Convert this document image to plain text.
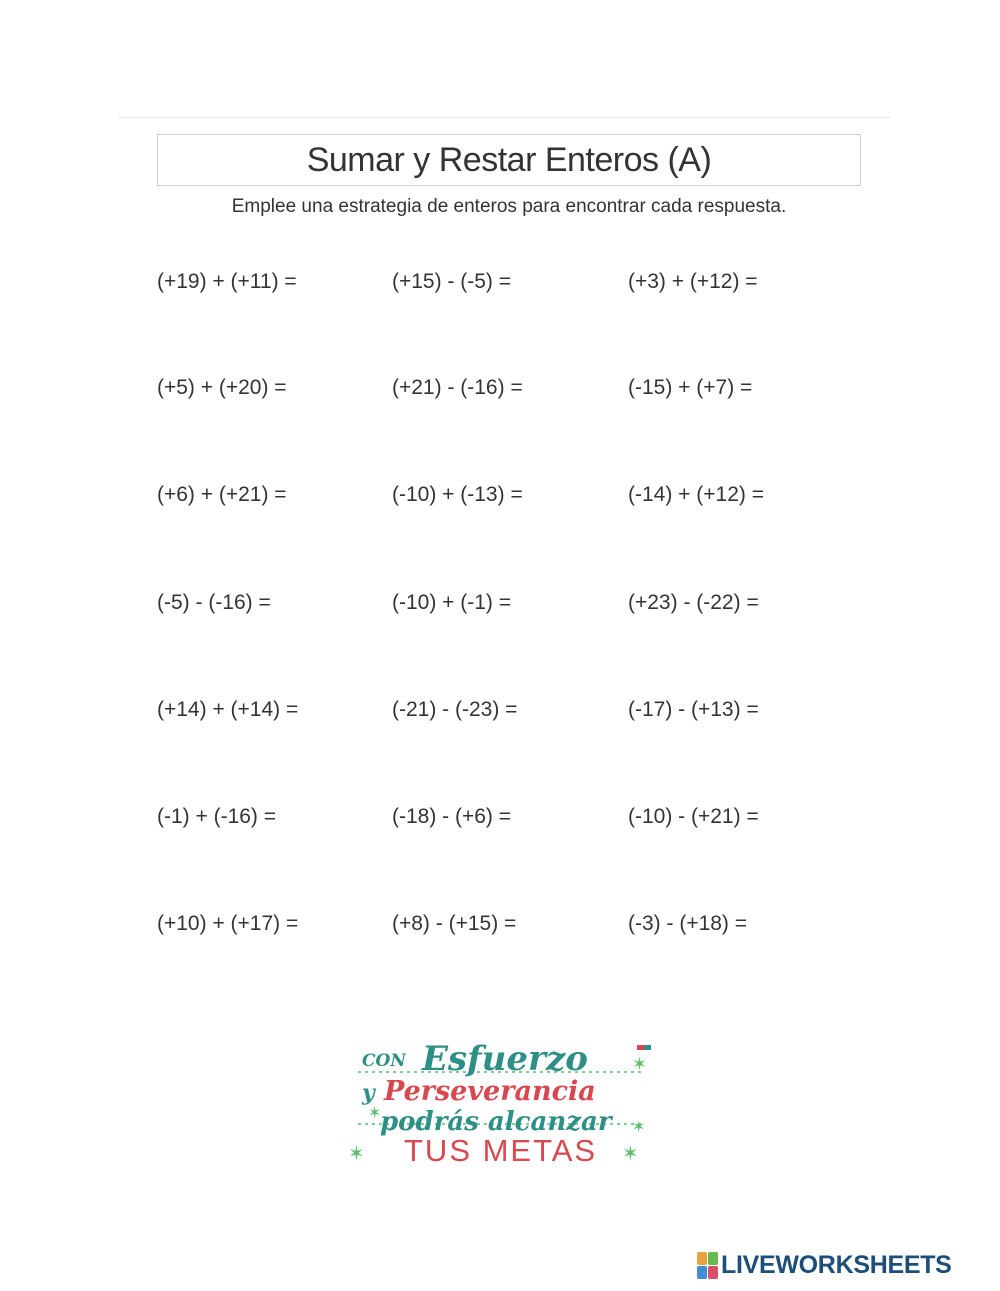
Sumar y Restar Enteros (A)
Emplee una estrategia de enteros para encontrar cada respuesta.
(+19) + (+11) =	(+15) - (-5) =	(+3) + (+12) =
(+5) + (+20) =	(+21) - (-16) =	(-15) + (+7) =
(+6) + (+21) =	(-10) + (-13) =	(-14) + (+12) =
(-5) - (-16) =	(-10) + (-1) =	(+23) - (-22) =
(+14) + (+14) =	(-21) - (-23) =	(-17) - (+13) =
(-1) + (-16) =	(-18) - (+6) =	(-10) - (+21) =
(+10) + (+17) =	(+8) - (+15) =	(-3) - (+18) =
CON Esfuerzo ✶
y Perseverancia
✶
podrás alcanzar ✶
✶ TUS METAS ✶
LIVEWORKSHEETS
